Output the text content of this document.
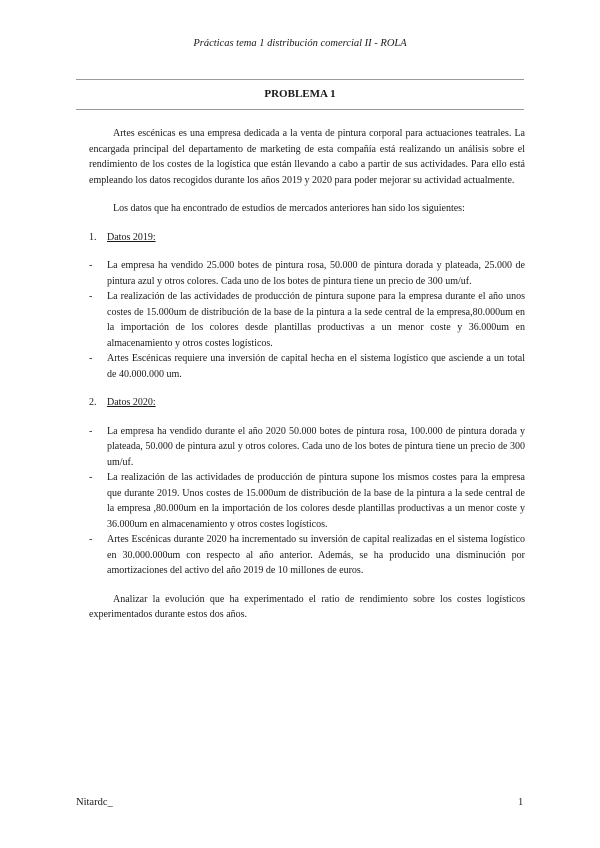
Prácticas tema 1 distribución comercial II - ROLA
PROBLEMA 1

Artes escénicas es una empresa dedicada a la venta de pintura corporal para actuaciones teatrales. La encargada principal del departamento de marketing de esta compañía está realizando un análisis sobre el rendimiento de los costes de la logística que están llevando a cabo a partir de sus actividades. Para ello está empleando los datos recogidos durante los años 2019 y 2020 para poder mejorar su actividad actualmente.

Los datos que ha encontrado de estudios de mercados anteriores han sido los siguientes:

1.	Datos 2019:
-	La empresa ha vendido 25.000 botes de pintura rosa, 50.000 de pintura dorada y plateada, 25.000 de pintura azul y otros colores. Cada uno de los botes de pintura tiene un precio de 300 um/uf.
-	La realización de las actividades de producción de pintura supone para la empresa durante el año unos costes de 15.000um de distribución de la base de la pintura a la sede central de la empresa,80.000um en la importación de los colores desde plantillas productivas a un menor coste y 36.000um en almacenamiento y otros costes logísticos.
-	Artes Escénicas requiere una inversión de capital hecha en el sistema logístico que asciende a un total de 40.000.000 um.
2.	Datos 2020:
-	La empresa ha vendido durante el año 2020 50.000 botes de pintura rosa, 100.000 de pintura dorada y plateada, 50.000 de pintura azul y otros colores. Cada uno de los botes de pintura tiene un precio de 300 um/uf.
-	La realización de las actividades de producción de pintura supone los mismos costes para la empresa que durante 2019. Unos costes de 15.000um de distribución de la base de la pintura a la sede central de la empresa ,80.000um en la importación de los colores desde plantillas productivas a un menor coste y 36.000um en almacenamiento y otros costes logísticos.
-	Artes Escénicas durante 2020 ha incrementado su inversión de capital realizadas en el sistema logístico en 30.000.000um con respecto al año anterior. Además, se ha producido una disminución por amortizaciones del activo del año 2019 de 10 millones de euros.

Analizar la evolución que ha experimentado el ratio de rendimiento sobre los costes logísticos experimentados durante estos dos años.

Nitardc_	1
